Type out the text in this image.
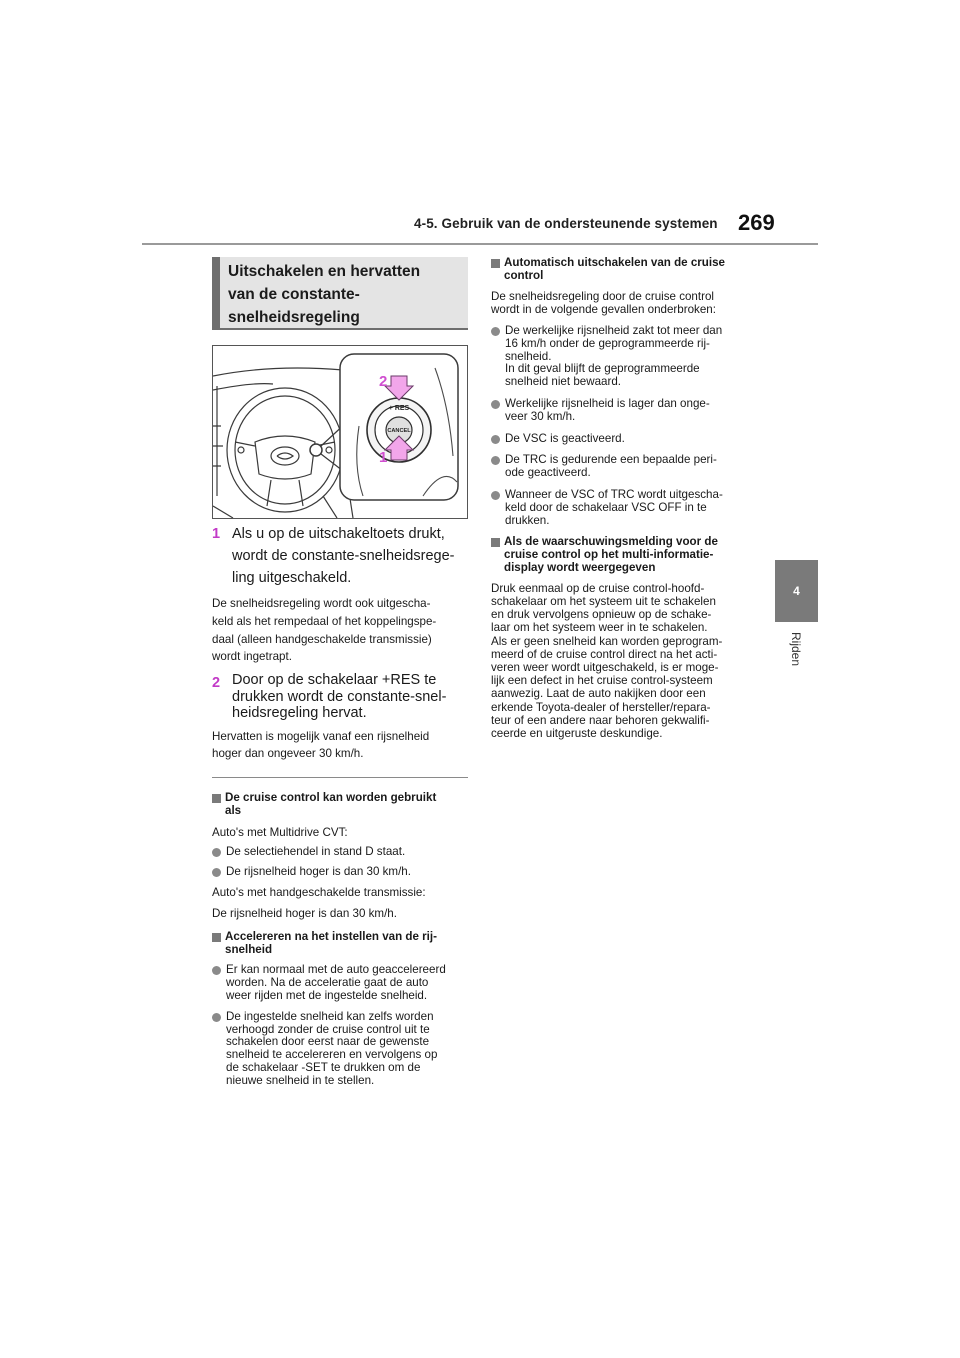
4-5. Gebruik van de ondersteunende systemen 269
4
Rijden
Uitschakelen en hervatten
van de constante-
snelheidsregeling
+ RES
CANCEL
2
1
1 Als u op de uitschakeltoets drukt,
wordt de constante-snelheidsrege-
ling uitgeschakeld.

De snelheidsregeling wordt ook uitgescha-
keld als het rempedaal of het koppelingspe-
daal (alleen handgeschakelde transmissie)
wordt ingetrapt.

2 Door op de schakelaar +RES te
drukken wordt de constante-snel-
heidsregeling hervat.

Hervatten is mogelijk vanaf een rijsnelheid
hoger dan ongeveer 30 km/h.

De cruise control kan worden gebruikt
als

Auto's met Multidrive CVT:

De selectiehendel in stand D staat.
De rijsnelheid hoger is dan 30 km/h.

Auto's met handgeschakelde transmissie:

De rijsnelheid hoger is dan 30 km/h.

Accelereren na het instellen van de rij-
snelheid
Er kan normaal met de auto geaccelereerd
worden. Na de acceleratie gaat de auto
weer rijden met de ingestelde snelheid.
De ingestelde snelheid kan zelfs worden
verhoogd zonder de cruise control uit te
schakelen door eerst naar de gewenste
snelheid te accelereren en vervolgens op
de schakelaar -SET te drukken om de
nieuwe snelheid in te stellen.
Automatisch uitschakelen van de cruise
control

De snelheidsregeling door de cruise control
wordt in de volgende gevallen onderbroken:

De werkelijke rijsnelheid zakt tot meer dan
16 km/h onder de geprogrammeerde rij-
snelheid.
In dit geval blijft de geprogrammeerde
snelheid niet bewaard.
Werkelijke rijsnelheid is lager dan onge-
veer 30 km/h.
De VSC is geactiveerd.
De TRC is gedurende een bepaalde peri-
ode geactiveerd.
Wanneer de VSC of TRC wordt uitgescha-
keld door de schakelaar VSC OFF in te
drukken.
Als de waarschuwingsmelding voor de
cruise control op het multi-informatie-
display wordt weergegeven

Druk eenmaal op de cruise control-hoofd-
schakelaar om het systeem uit te schakelen
en druk vervolgens opnieuw op de schake-
laar om het systeem weer in te schakelen.
Als er geen snelheid kan worden geprogram-
meerd of de cruise control direct na het acti-
veren weer wordt uitgeschakeld, is er moge-
lijk een defect in het cruise control-systeem
aanwezig. Laat de auto nakijken door een
erkende Toyota-dealer of hersteller/repara-
teur of een andere naar behoren gekwalifi-
ceerde en uitgeruste deskundige.
